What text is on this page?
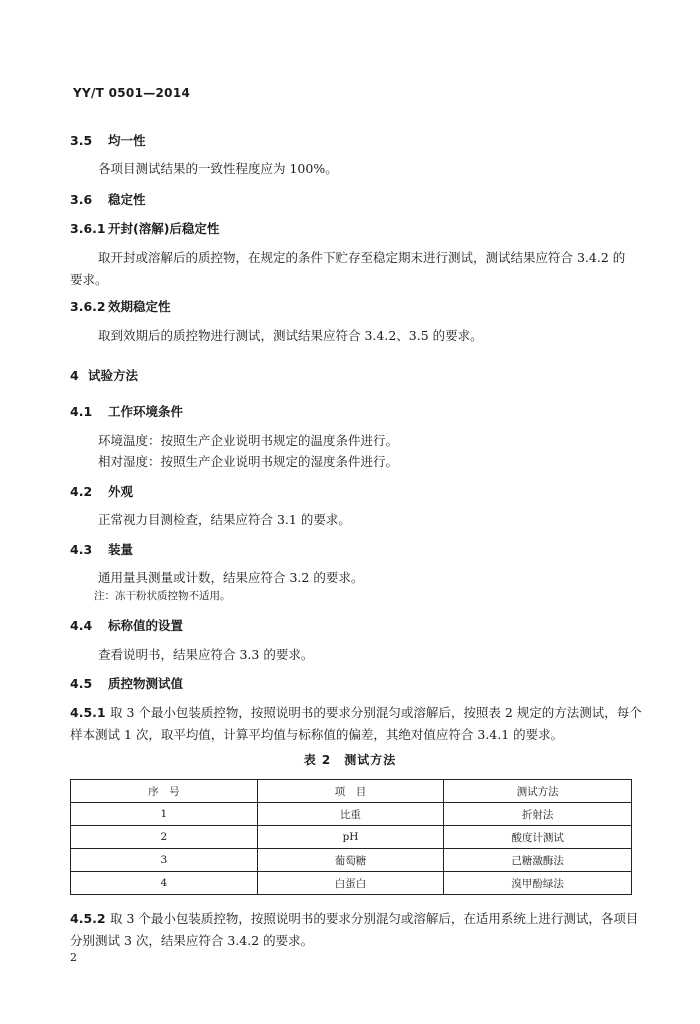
YY/T 0501—2014
3.5 均一性
各项目测试结果的一致性程度应为 100%。
3.6 稳定性
3.6.1 开封(溶解)后稳定性
取开封或溶解后的质控物，在规定的条件下贮存至稳定期末进行测试，测试结果应符合 3.4.2 的
要求。
3.6.2 效期稳定性
取到效期后的质控物进行测试，测试结果应符合 3.4.2、3.5 的要求。
4 试验方法
4.1 工作环境条件
环境温度：按照生产企业说明书规定的温度条件进行。
相对湿度：按照生产企业说明书规定的湿度条件进行。
4.2 外观
正常视力目测检查，结果应符合 3.1 的要求。
4.3 装量
通用量具测量或计数，结果应符合 3.2 的要求。
注：冻干粉状质控物不适用。
4.4 标称值的设置
查看说明书，结果应符合 3.3 的要求。
4.5 质控物测试值
4.5.1 取 3 个最小包装质控物，按照说明书的要求分别混匀或溶解后，按照表 2 规定的方法测试，每个
样本测试 1 次，取平均值，计算平均值与标称值的偏差，其绝对值应符合 3.4.1 的要求。
表 2　测试方法
序　号	项　目	测试方法
1	比重	折射法
2	pH	酸度计测试
3	葡萄糖	己糖激酶法
4	白蛋白	溴甲酚绿法
4.5.2 取 3 个最小包装质控物，按照说明书的要求分别混匀或溶解后，在适用系统上进行测试，各项目
分别测试 3 次，结果应符合 3.4.2 的要求。
2
